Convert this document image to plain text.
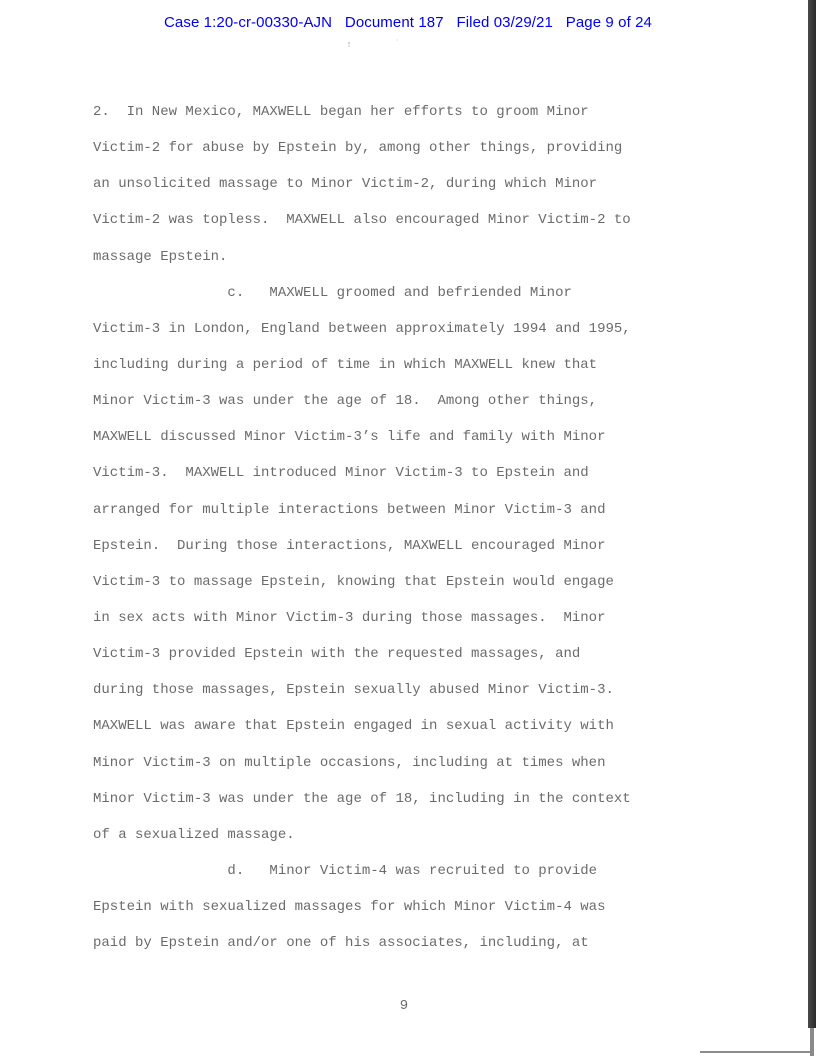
Case 1:20-cr-00330-AJN   Document 187   Filed 03/29/21   Page 9 of 24
2.  In New Mexico, MAXWELL began her efforts to groom Minor
Victim-2 for abuse by Epstein by, among other things, providing
an unsolicited massage to Minor Victim-2, during which Minor
Victim-2 was topless.  MAXWELL also encouraged Minor Victim-2 to
massage Epstein.
c.   MAXWELL groomed and befriended Minor
Victim-3 in London, England between approximately 1994 and 1995,
including during a period of time in which MAXWELL knew that
Minor Victim-3 was under the age of 18.  Among other things,
MAXWELL discussed Minor Victim-3’s life and family with Minor
Victim-3.  MAXWELL introduced Minor Victim-3 to Epstein and
arranged for multiple interactions between Minor Victim-3 and
Epstein.  During those interactions, MAXWELL encouraged Minor
Victim-3 to massage Epstein, knowing that Epstein would engage
in sex acts with Minor Victim-3 during those massages.  Minor
Victim-3 provided Epstein with the requested massages, and
during those massages, Epstein sexually abused Minor Victim-3.
MAXWELL was aware that Epstein engaged in sexual activity with
Minor Victim-3 on multiple occasions, including at times when
Minor Victim-3 was under the age of 18, including in the context
of a sexualized massage.
d.   Minor Victim-4 was recruited to provide
Epstein with sexualized massages for which Minor Victim-4 was
paid by Epstein and/or one of his associates, including, at
9
